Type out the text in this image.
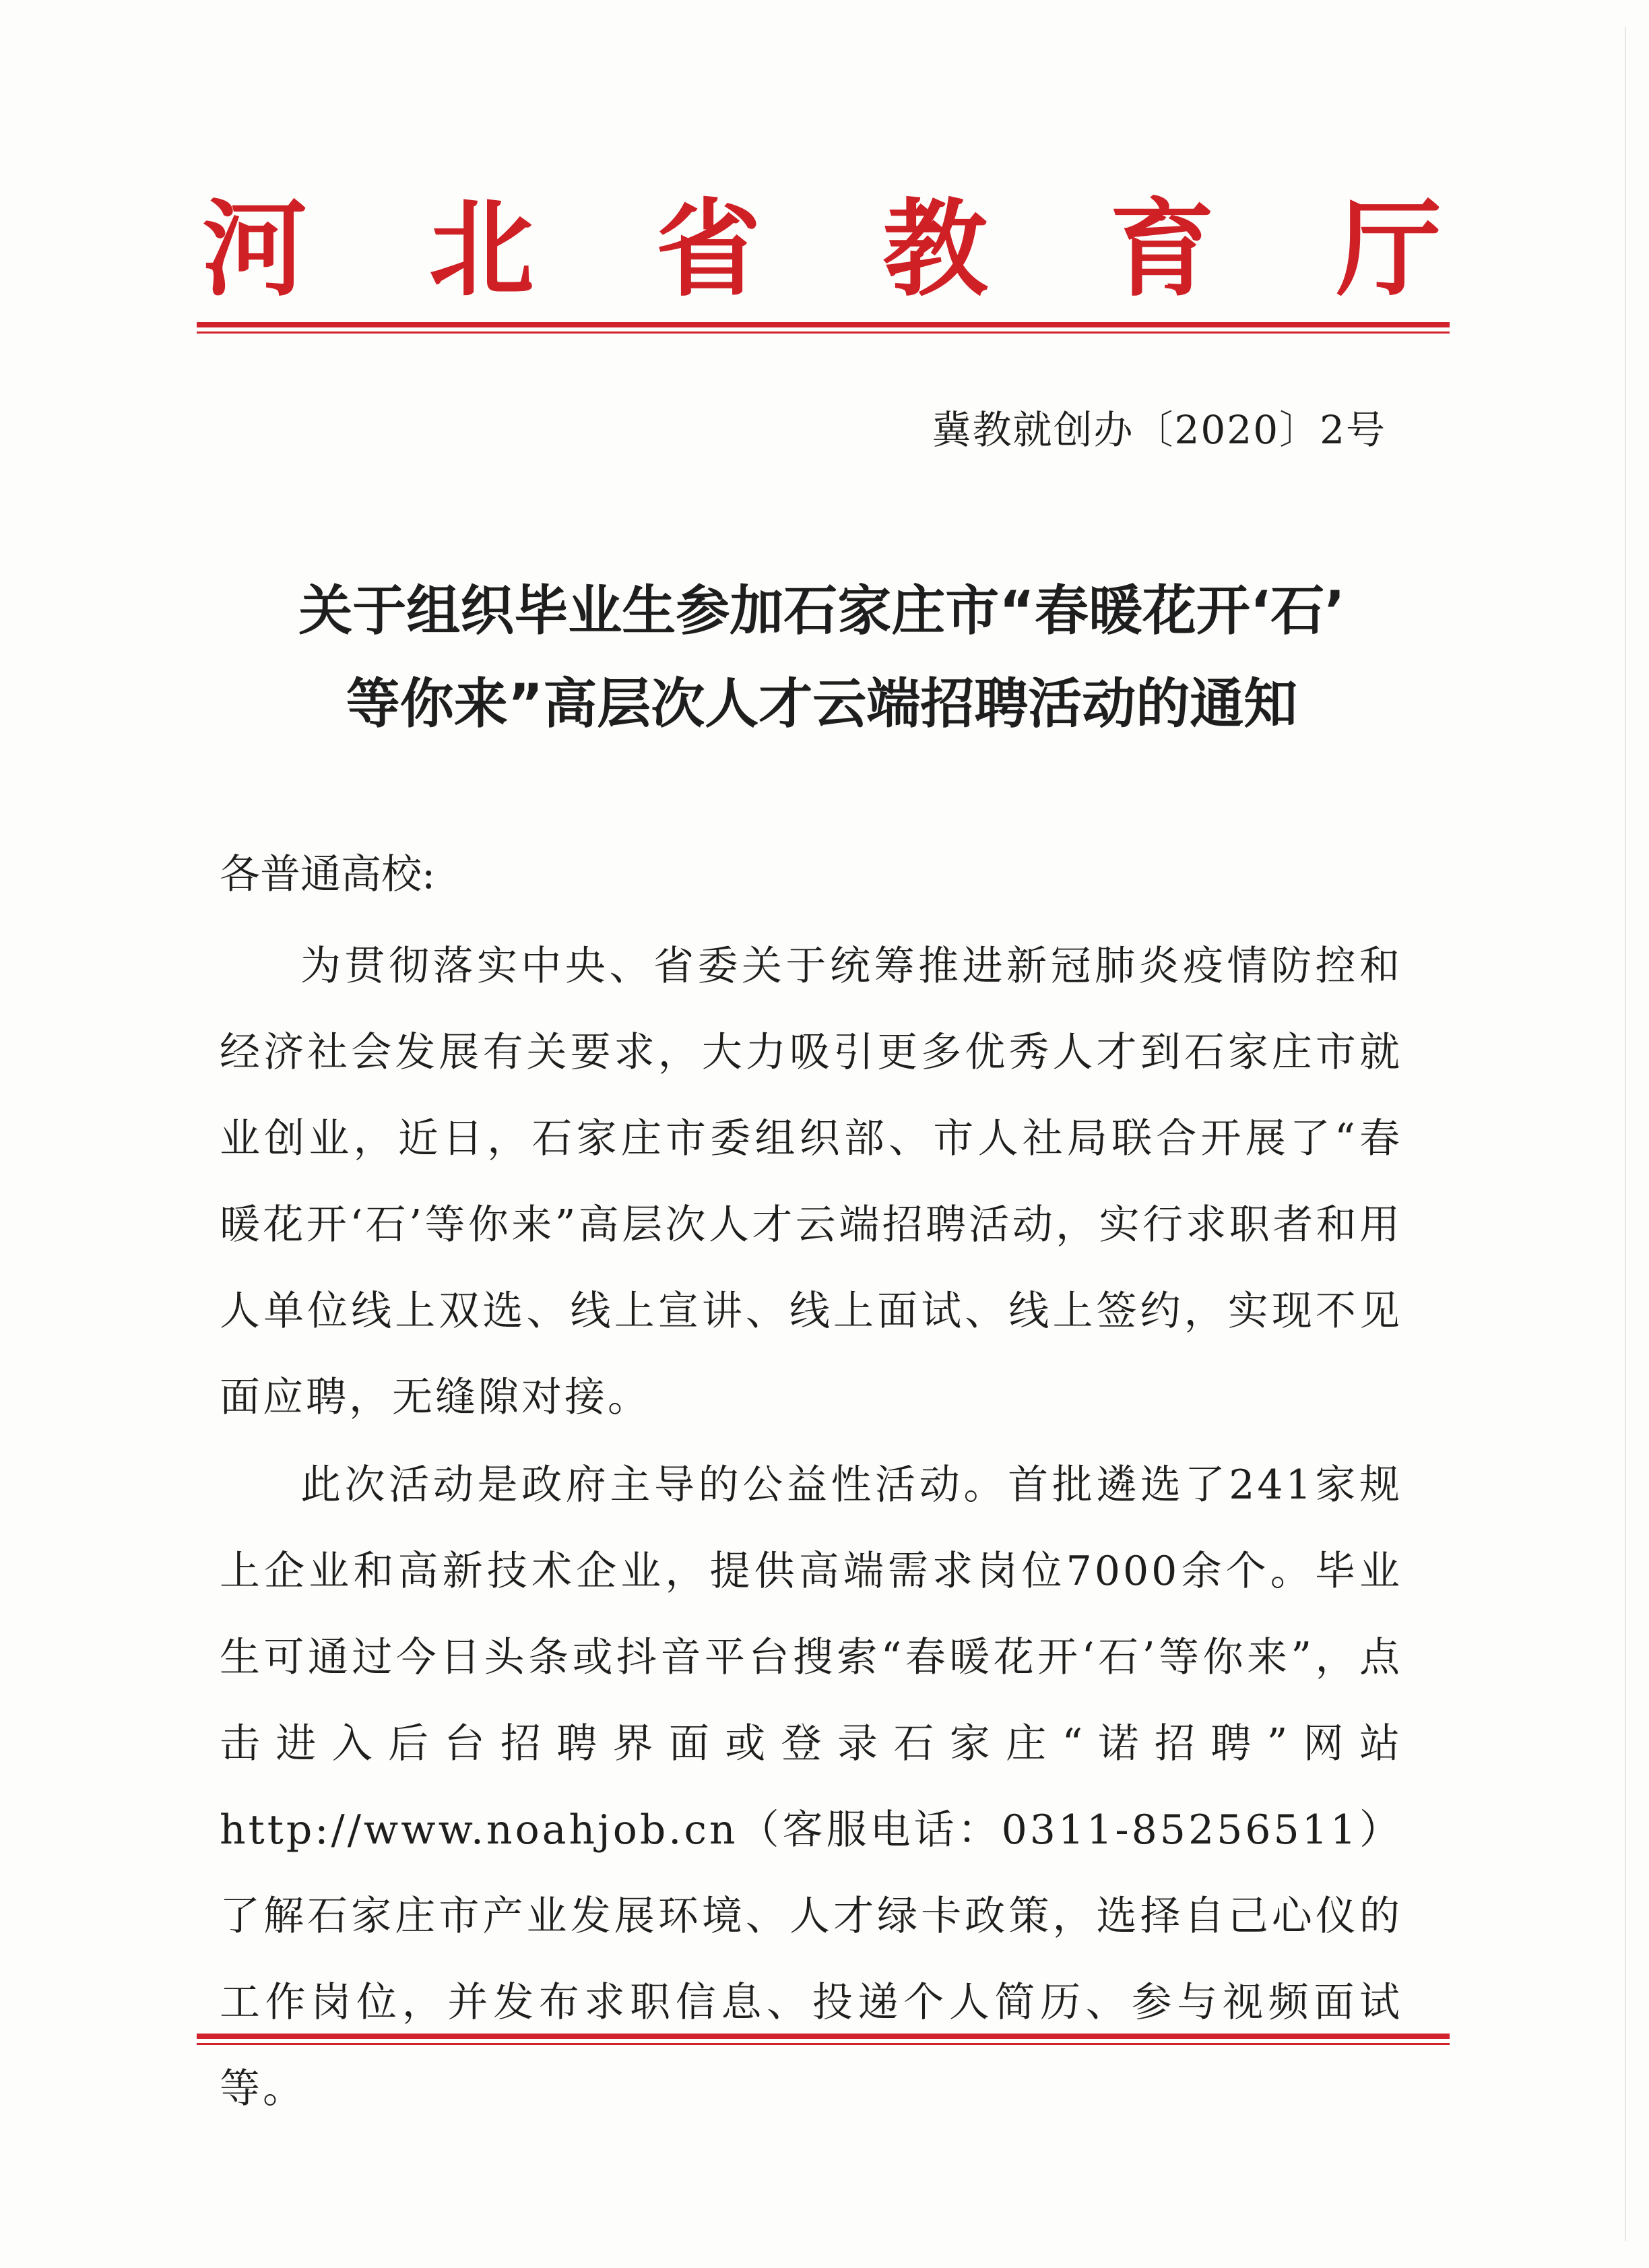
河 北 省 教 育 厅
冀教就创办〔2020〕2号
关于组织毕业生参加石家庄市“春暖花开‘石’
等你来”高层次人才云端招聘活动的通知
各普通高校:
为贯彻落实中央、省委关于统筹推进新冠肺炎疫情防控和经济社会发展有关要求，大力吸引更多优秀人才到石家庄市就业创业，近日，石家庄市委组织部、市人社局联合开展了“春暖花开‘石’等你来”高层次人才云端招聘活动，实行求职者和用人单位线上双选、线上宣讲、线上面试、线上签约，实现不见面应聘，无缝隙对接。
此次活动是政府主导的公益性活动。首批遴选了241家规上企业和高新技术企业，提供高端需求岗位7000余个。毕业生可通过今日头条或抖音平台搜索“春暖花开‘石’等你来”，点击进入后台招聘界面或登录石家庄“诺招聘”网站http://www.noahjob.cn（客服电话：0311-85256511）了解石家庄市产业发展环境、人才绿卡政策，选择自己心仪的工作岗位，并发布求职信息、投递个人简历、参与视频面试等。
